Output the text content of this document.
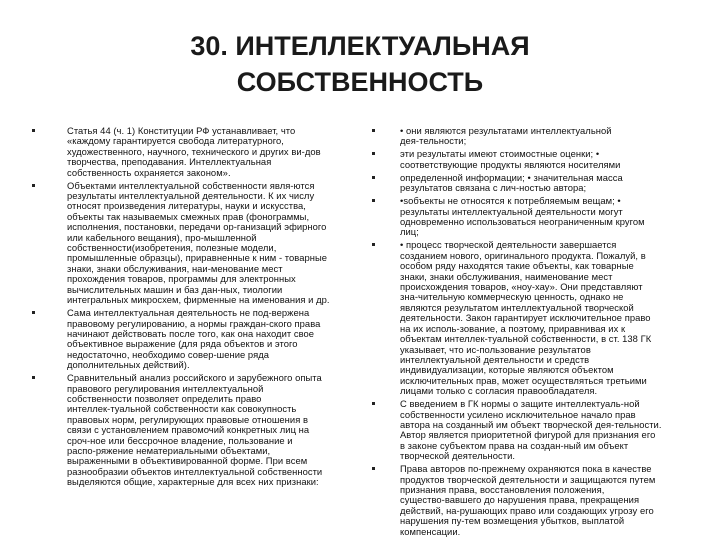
30. ИНТЕЛЛЕКТУАЛЬНАЯ
СОБСТВЕННОСТЬ
Статья 44 (ч. 1) Конституции РФ устанавливает, что
«каждому гарантируется свобода литературного,
художественного, научного, технического и других ви-дов
творчества, преподавания. Интеллектуальная
собственность охраняется законом».
Объектами интеллектуальной собственности явля-ются
результаты интеллектуальной деятельности. К их числу
относят произведения литературы, науки и искусства,
объекты так называемых смежных прав (фонограммы,
исполнения, постановки, передачи ор-ганизаций эфирного
или кабельного вещания), про-мышленной
собственности(изобретения, полезные модели,
промышленные образцы), приравненные к ним - товарные
знаки, знаки обслуживания, наи-менование мест
прохождения товаров, программы для электронных
вычислительных машин и баз дан-ных, тиологии
интегральных микросхем, фирменные на именования и др.
Сама интеллектуальная деятельность не под-вержена
правовому регулированию, а нормы граждан-ского права
начинают действовать после того, как она находит свое
объективное выражение (для ряда объектов и этого
недостаточно, необходимо совер-шение ряда
дополнительных действий).
Сравнительный анализ российского и зарубежного опыта
правового регулирования интеллектуальной
собственности позволяет определить право
интеллек-туальной собственности как совокупность
правовых норм, регулирующих правовые отношения в
связи с установлением правомочий конкретных лиц на
сроч-ное или бессрочное владение, пользование и
распо-ряжение нематериальными объектами,
выраженными в объективированной форме. При всем
разнообразии объектов интеллектуальной собственности
выделяются общие, характерные для всех них признаки:
• они являются результатами интеллектуальной
дея-тельности;
эти результаты имеют стоимостные оценки; •
соответствующие продукты являются носителями
определенной информации; • значительная масса
результатов связана с лич-ностью автора;
•sобъекты не относятся к потребляемым вещам; •
результаты интеллектуальной деятельности могут
одновременно использоваться неограниченным кругом
лиц;
• процесс творческой деятельности завершается
созданием нового, оригинального продукта. Пожалуй, в
особом ряду находятся такие объекты, как товарные
знаки, знаки обслуживания, наименование мест
происхождения товаров, «ноу-хау». Они представляют
зна-чительную коммерческую ценность, однако не
являются результатом интеллектуальной творческой
деятельности. Закон гарантирует исключительное право
на их исполь-зование, а поэтому, приравнивая их к
объектам интеллек-туальной собственности, в ст. 138 ГК
указывает, что ис-пользование результатов
интеллектуальной деятельности и средств
индивидуализации, которые являются объектом
исключительных прав, может осуществляться третьими
лицами только с согласия правообладателя.
С введением в ГК нормы о защите интеллектуаль-ной
собственности усилено исключительное начало прав
автора на созданный им объект творческой дея-тельности.
Автор является приоритетной фигурой для признания его
в законе субъектом права на создан-ный им объект
творческой деятельности.
Права авторов по-прежнему охраняются пока в качестве
продуктов творческой деятельности и защищаются путем
признания права, восстановления положения,
существо-вавшего до нарушения права, прекращения
действий, на-рушающих право или создающих угрозу его
нарушения пу-тем возмещения убытков, выплатой
компенсации.
